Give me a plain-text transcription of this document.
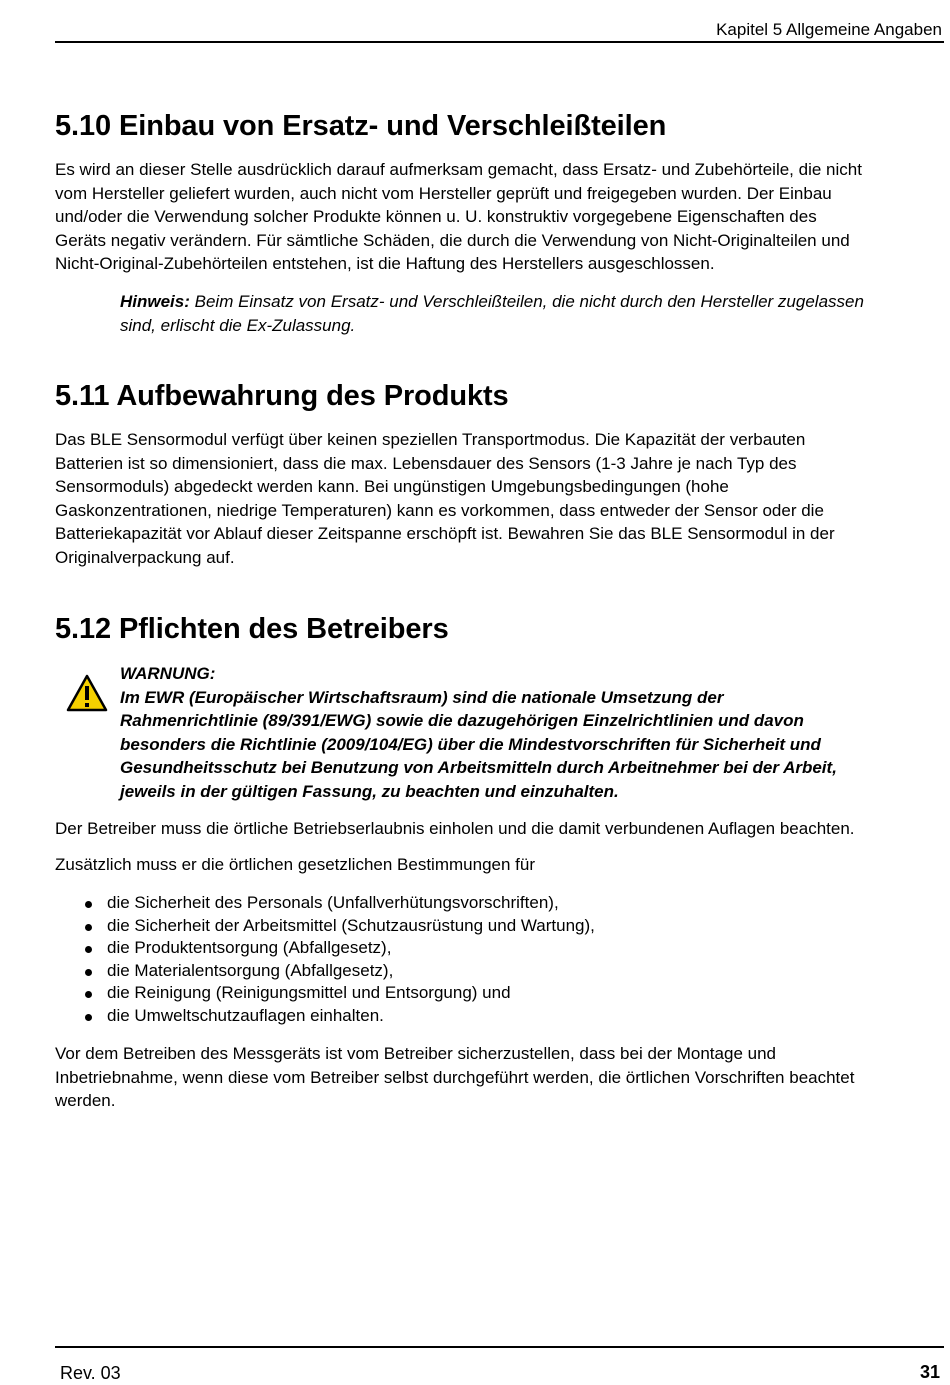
Kapitel 5 Allgemeine Angaben
5.10 Einbau von Ersatz- und Verschleißteilen

Es wird an dieser Stelle ausdrücklich darauf aufmerksam gemacht, dass Ersatz- und Zubehörteile, die nicht

vom Hersteller geliefert wurden, auch nicht vom Hersteller geprüft und freigegeben wurden. Der Einbau

und/oder die Verwendung solcher Produkte können u. U. konstruktiv vorgegebene Eigenschaften des

Geräts negativ verändern. Für sämtliche Schäden, die durch die Verwendung von Nicht-Originalteilen und

Nicht-Original-Zubehörteilen entstehen, ist die Haftung des Herstellers ausgeschlossen.

Hinweis: Beim Einsatz von Ersatz- und Verschleißteilen, die nicht durch den Hersteller zugelassen
sind, erlischt die Ex-Zulassung.
5.11 Aufbewahrung des Produkts

Das BLE Sensormodul verfügt über keinen speziellen Transportmodus. Die Kapazität der verbauten

Batterien ist so dimensioniert, dass die max. Lebensdauer des Sensors (1-3 Jahre je nach Typ des

Sensormoduls) abgedeckt werden kann. Bei ungünstigen Umgebungsbedingungen (hohe

Gaskonzentrationen, niedrige Temperaturen) kann es vorkommen, dass entweder der Sensor oder die

Batteriekapazität vor Ablauf dieser Zeitspanne erschöpft ist. Bewahren Sie das BLE Sensormodul in der

Originalverpackung auf.

5.12 Pflichten des Betreibers
WARNUNG:
Im EWR (Europäischer Wirtschaftsraum) sind die nationale Umsetzung der
Rahmenrichtlinie (89/391/EWG) sowie die dazugehörigen Einzelrichtlinien und davon
besonders die Richtlinie (2009/104/EG) über die Mindestvorschriften für Sicherheit und
Gesundheitsschutz bei Benutzung von Arbeitsmitteln durch Arbeitnehmer bei der Arbeit,
jeweils in der gültigen Fassung, zu beachten und einzuhalten.

Der Betreiber muss die örtliche Betriebserlaubnis einholen und die damit verbundenen Auflagen beachten.

Zusätzlich muss er die örtlichen gesetzlichen Bestimmungen für

die Sicherheit des Personals (Unfallverhütungsvorschriften),
die Sicherheit der Arbeitsmittel (Schutzausrüstung und Wartung),
die Produktentsorgung (Abfallgesetz),
die Materialentsorgung (Abfallgesetz),
die Reinigung (Reinigungsmittel und Entsorgung) und
die Umweltschutzauflagen einhalten.

Vor dem Betreiben des Messgeräts ist vom Betreiber sicherzustellen, dass bei der Montage und

Inbetriebnahme, wenn diese vom Betreiber selbst durchgeführt werden, die örtlichen Vorschriften beachtet

werden.

Rev. 03	31
